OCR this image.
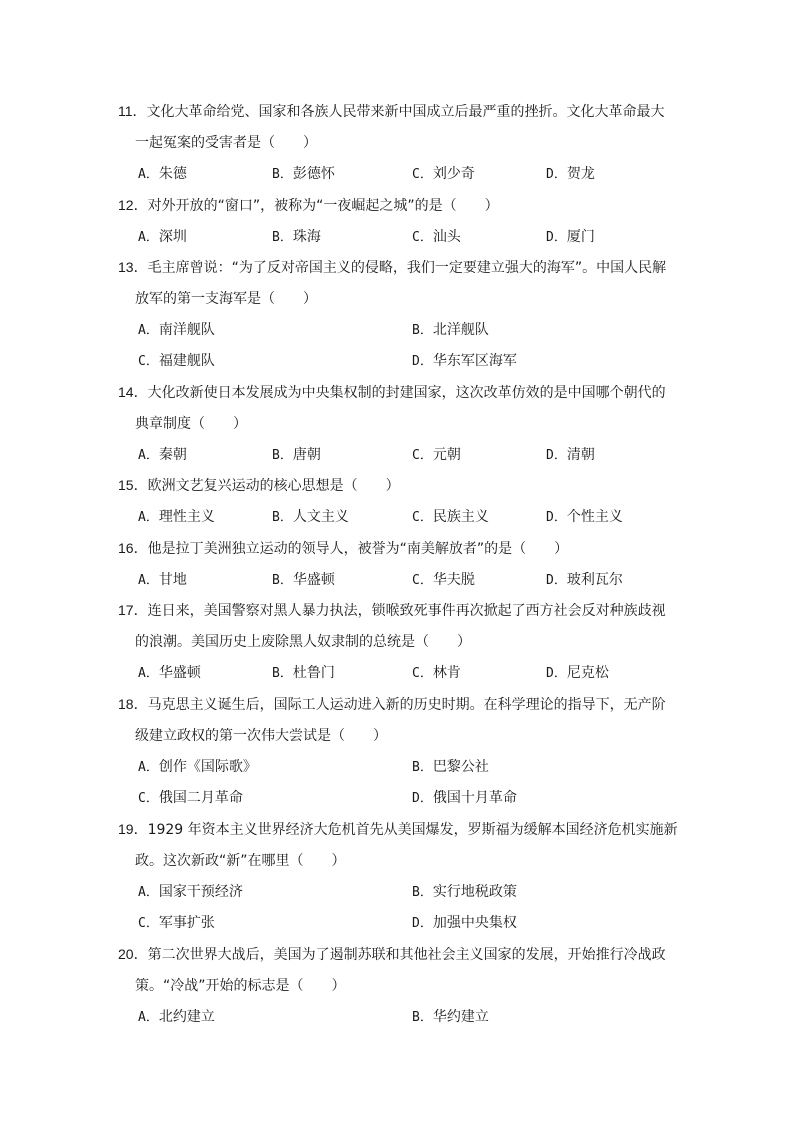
11．文化大革命给党、国家和各族人民带来新中国成立后最严重的挫折。文化大革命最大

一起冤案的受害者是（　　）

A．朱德	B．彭德怀	C．刘少奇	D．贺龙

12．对外开放的“窗口”，被称为“一夜崛起之城”的是（　　）

A．深圳	B．珠海	C．汕头	D．厦门

13．毛主席曾说：“为了反对帝国主义的侵略，我们一定要建立强大的海军”。中国人民解

放军的第一支海军是（　　）

A．南洋舰队	B．北洋舰队
C．福建舰队	D．华东军区海军

14．大化改新使日本发展成为中央集权制的封建国家，这次改革仿效的是中国哪个朝代的

典章制度（　　）

A．秦朝	B．唐朝	C．元朝	D．清朝

15．欧洲文艺复兴运动的核心思想是（　　）

A．理性主义	B．人文主义	C．民族主义	D．个性主义

16．他是拉丁美洲独立运动的领导人，被誉为“南美解放者”的是（　　）

A．甘地	B．华盛顿	C．华夫脱	D．玻利瓦尔

17．连日来，美国警察对黑人暴力执法，锁喉致死事件再次掀起了西方社会反对种族歧视

的浪潮。美国历史上废除黑人奴隶制的总统是（　　）

A．华盛顿	B．杜鲁门	C．林肯	D．尼克松

18．马克思主义诞生后，国际工人运动进入新的历史时期。在科学理论的指导下，无产阶

级建立政权的第一次伟大尝试是（　　）

A．创作《国际歌》	B．巴黎公社
C．俄国二月革命	D．俄国十月革命

19．1929 年资本主义世界经济大危机首先从美国爆发，罗斯福为缓解本国经济危机实施新

政。这次新政“新”在哪里（　　）

A．国家干预经济	B．实行地税政策
C．军事扩张	D．加强中央集权

20．第二次世界大战后，美国为了遏制苏联和其他社会主义国家的发展，开始推行冷战政

策。“冷战”开始的标志是（　　）

A．北约建立	B．华约建立
